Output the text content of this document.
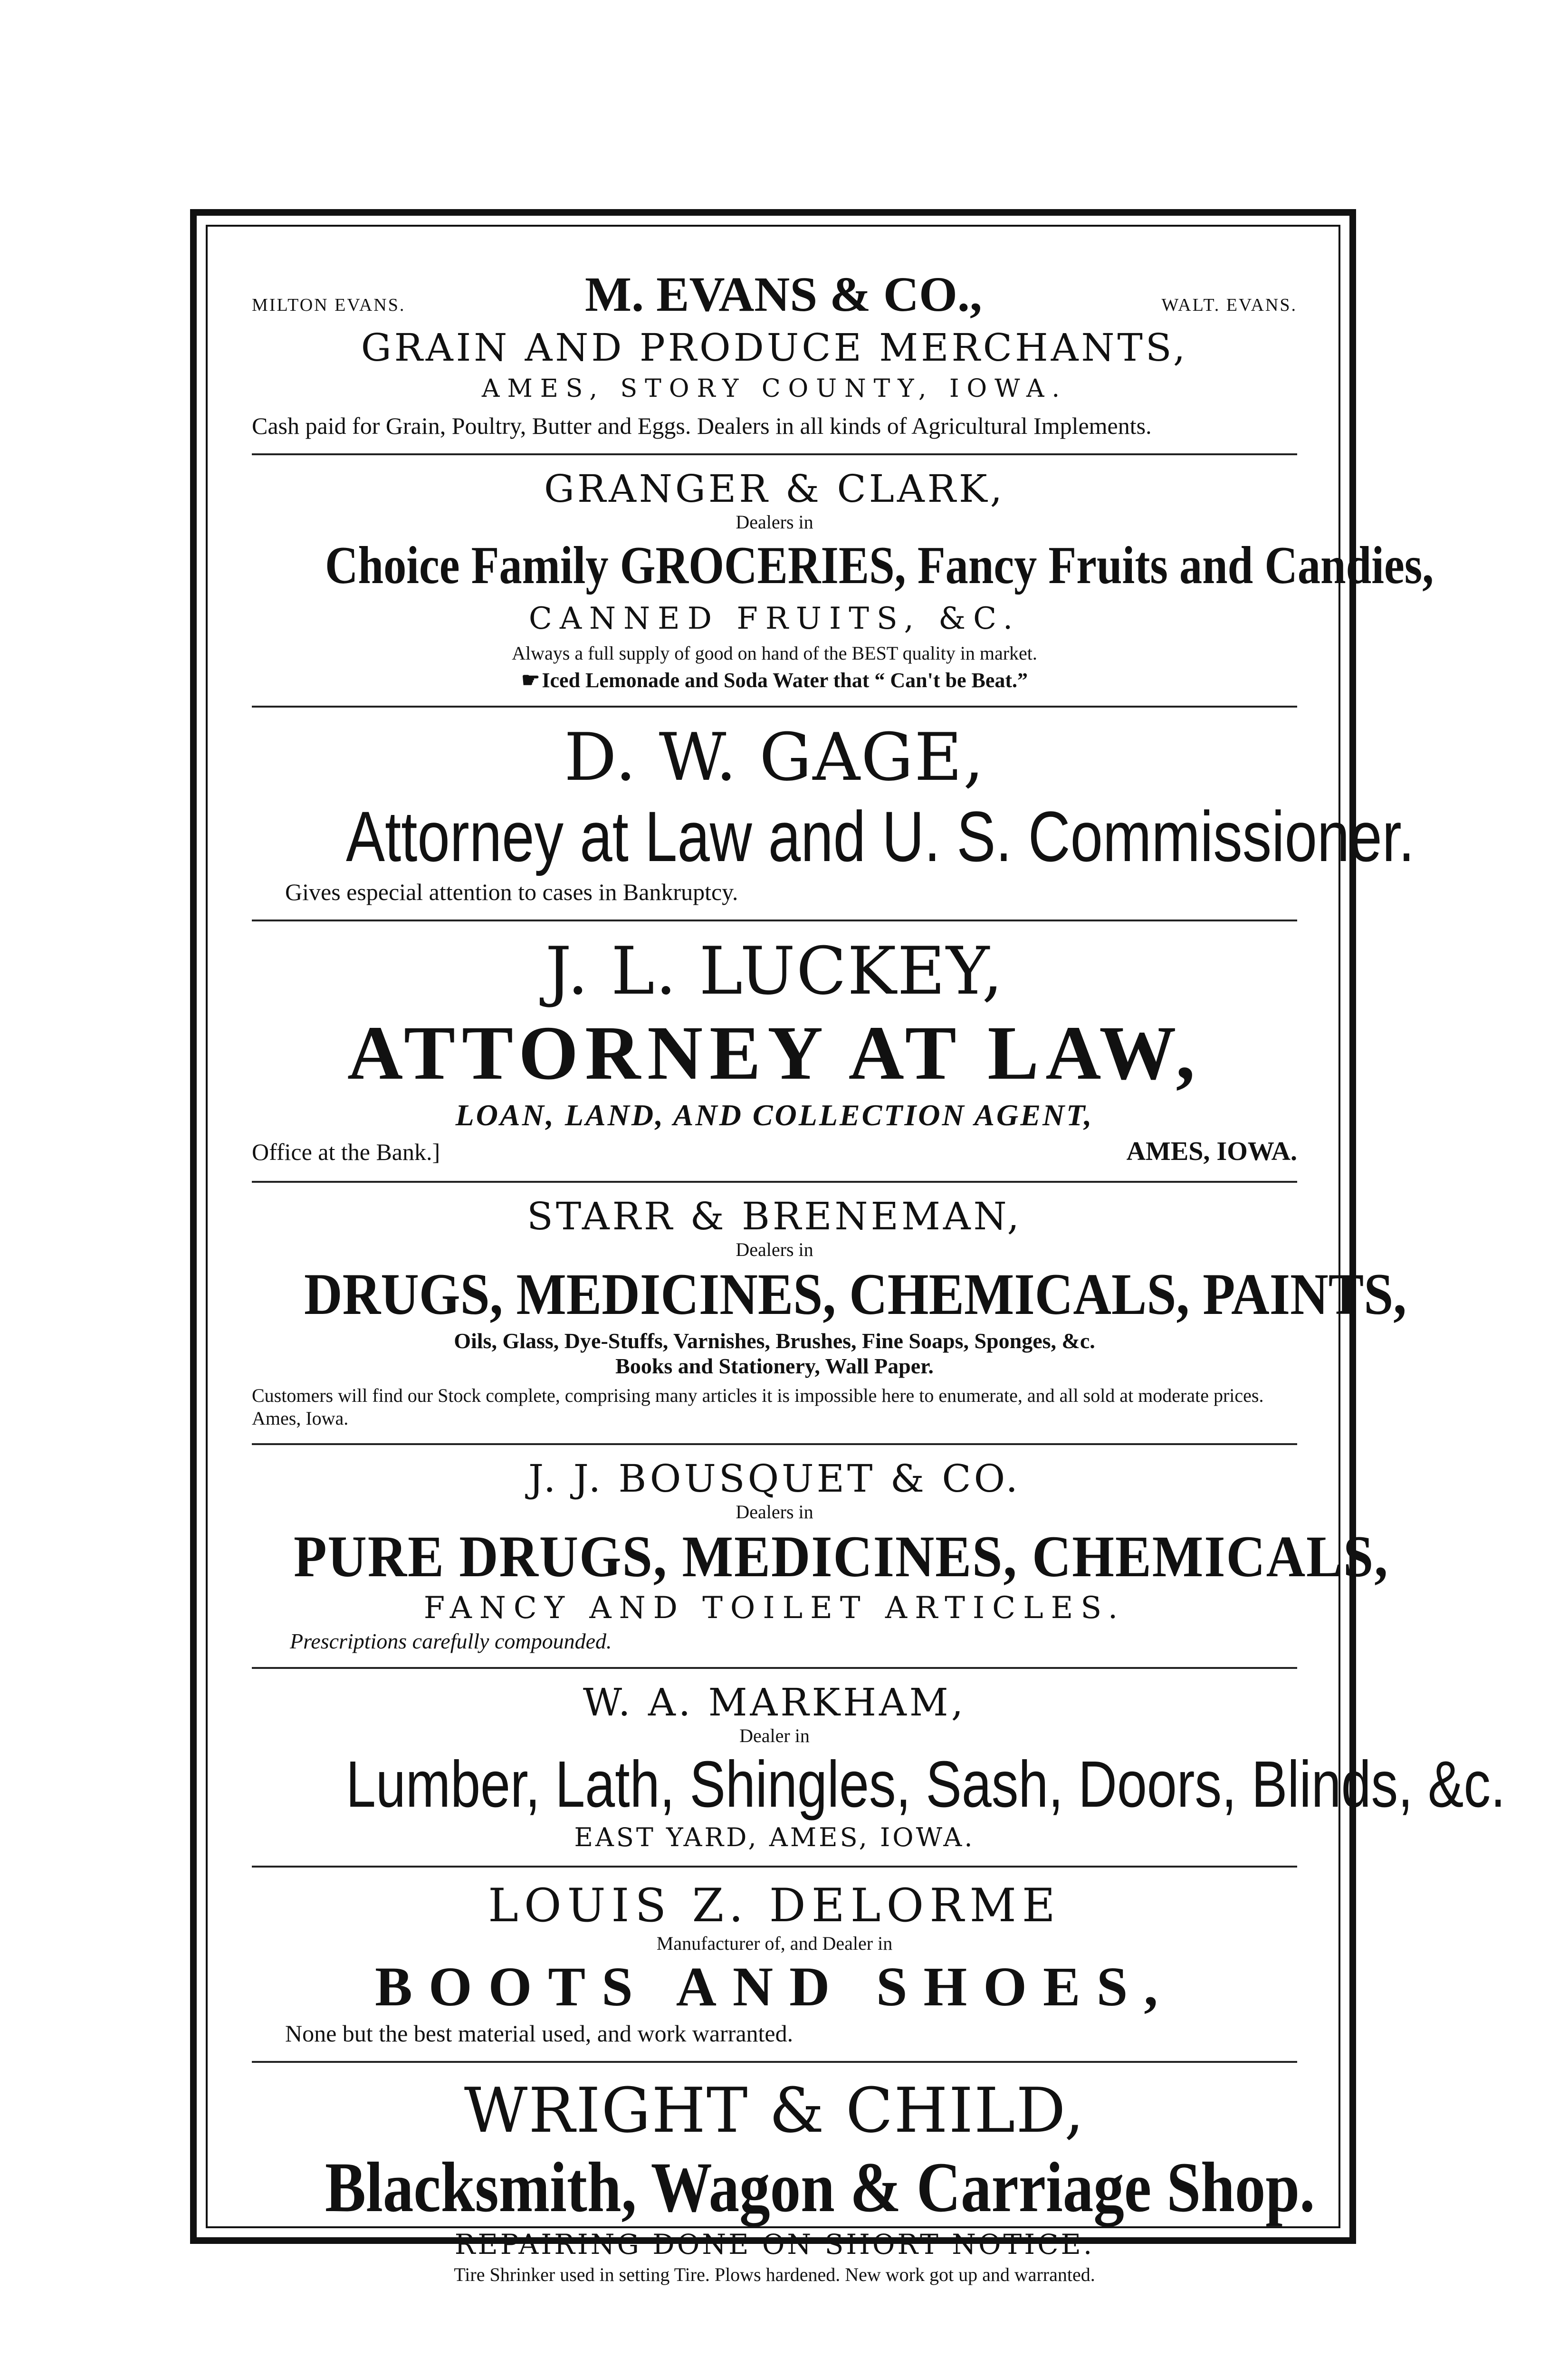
MILTON EVANS.	M. EVANS & CO.,	WALT. EVANS.
GRAIN AND PRODUCE MERCHANTS,
AMES, STORY COUNTY, IOWA.
Cash paid for Grain, Poultry, Butter and Eggs. Dealers in all kinds of Agricultural Implements.
GRANGER & CLARK,
Dealers in
Choice Family GROCERIES, Fancy Fruits and Candies,
CANNED FRUITS, &C.
Always a full supply of good on hand of the BEST quality in market.
☛ Iced Lemonade and Soda Water that “ Can't be Beat.”
D. W. GAGE,
Attorney at Law and U. S. Commissioner.
Gives especial attention to cases in Bankruptcy.
J. L. LUCKEY,
ATTORNEY AT LAW,
LOAN, LAND, AND COLLECTION AGENT,
Office at the Bank.]	AMES, IOWA.
STARR & BRENEMAN,
Dealers in
DRUGS, MEDICINES, CHEMICALS, PAINTS,
Oils, Glass, Dye-Stuffs, Varnishes, Brushes, Fine Soaps, Sponges, &c.
Books and Stationery, Wall Paper.
Customers will find our Stock complete, comprising many articles it is impossible here to enumerate, and all sold at moderate prices. Ames, Iowa.
J. J. BOUSQUET & CO.
Dealers in
PURE DRUGS, MEDICINES, CHEMICALS,
FANCY AND TOILET ARTICLES.
Prescriptions carefully compounded.
W. A. MARKHAM,
Dealer in
Lumber, Lath, Shingles, Sash, Doors, Blinds, &c.
EAST YARD, AMES, IOWA.
LOUIS Z. DELORME
Manufacturer of, and Dealer in
BOOTS AND SHOES,
None but the best material used, and work warranted.
WRIGHT & CHILD,
Blacksmith, Wagon & Carriage Shop.
REPAIRING DONE ON SHORT NOTICE.
Tire Shrinker used in setting Tire. Plows hardened. New work got up and warranted.
